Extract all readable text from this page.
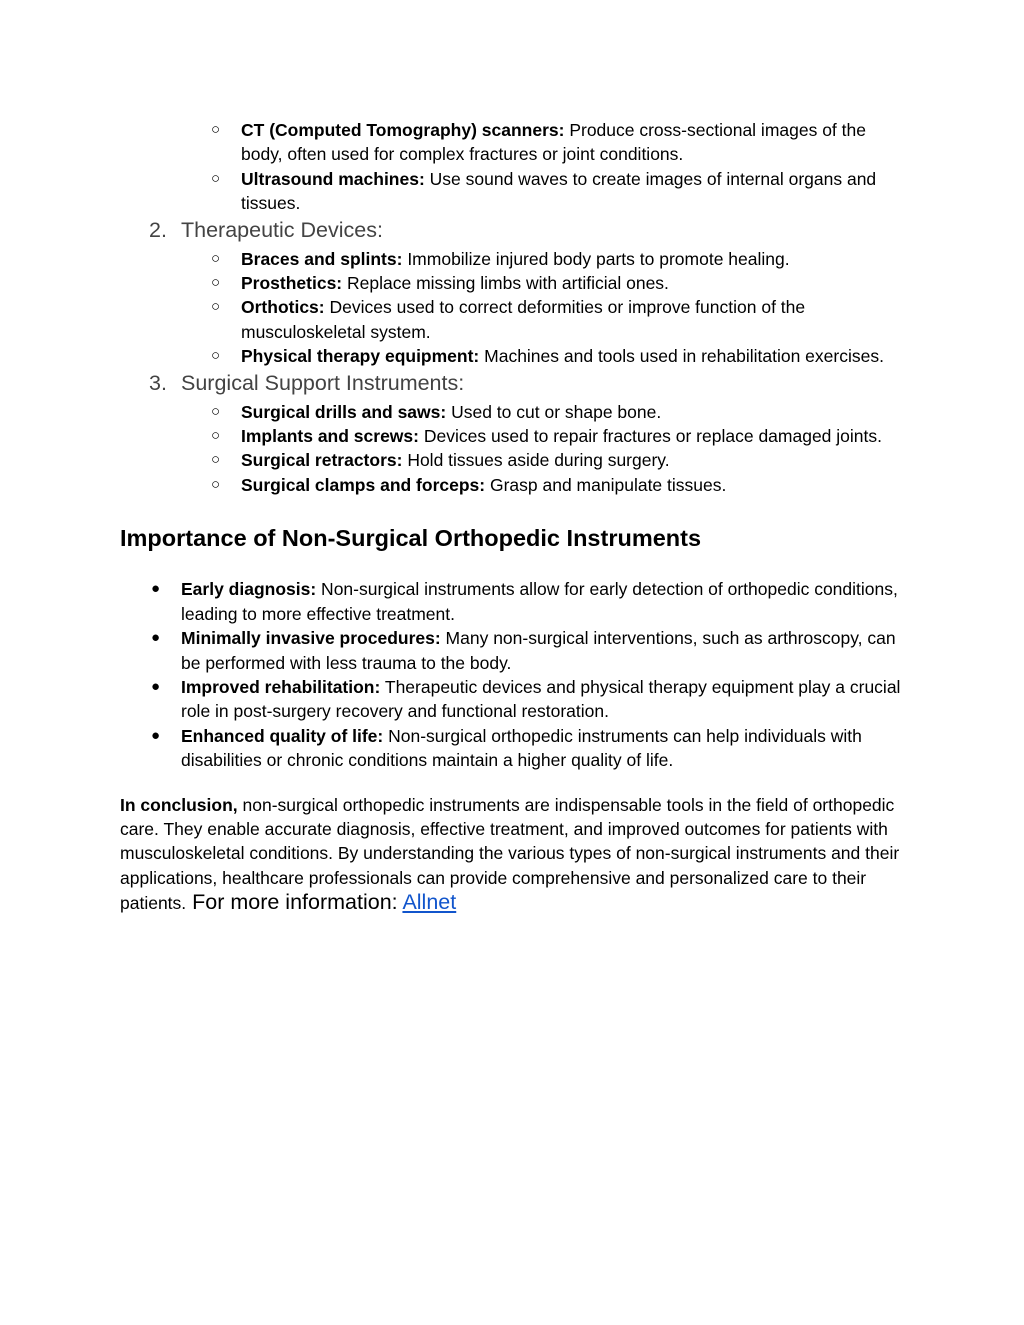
○ CT (Computed Tomography) scanners: Produce cross-sectional images of the body, often used for complex fractures or joint conditions.
○ Ultrasound machines: Use sound waves to create images of internal organs and tissues.
2. Therapeutic Devices:
○ Braces and splints: Immobilize injured body parts to promote healing.
○ Prosthetics: Replace missing limbs with artificial ones.
○ Orthotics: Devices used to correct deformities or improve function of the musculoskeletal system.
○ Physical therapy equipment: Machines and tools used in rehabilitation exercises.
3. Surgical Support Instruments:
○ Surgical drills and saws: Used to cut or shape bone.
○ Implants and screws: Devices used to repair fractures or replace damaged joints.
○ Surgical retractors: Hold tissues aside during surgery.
○ Surgical clamps and forceps: Grasp and manipulate tissues.
Importance of Non-Surgical Orthopedic Instruments
● Early diagnosis: Non-surgical instruments allow for early detection of orthopedic conditions, leading to more effective treatment.
● Minimally invasive procedures: Many non-surgical interventions, such as arthroscopy, can be performed with less trauma to the body.
● Improved rehabilitation: Therapeutic devices and physical therapy equipment play a crucial role in post-surgery recovery and functional restoration.
● Enhanced quality of life: Non-surgical orthopedic instruments can help individuals with disabilities or chronic conditions maintain a higher quality of life.

In conclusion, non-surgical orthopedic instruments are indispensable tools in the field of orthopedic care. They enable accurate diagnosis, effective treatment, and improved outcomes for patients with musculoskeletal conditions. By understanding the various types of non-surgical instruments and their applications, healthcare professionals can provide comprehensive and personalized care to their patients. For more information: Allnet
